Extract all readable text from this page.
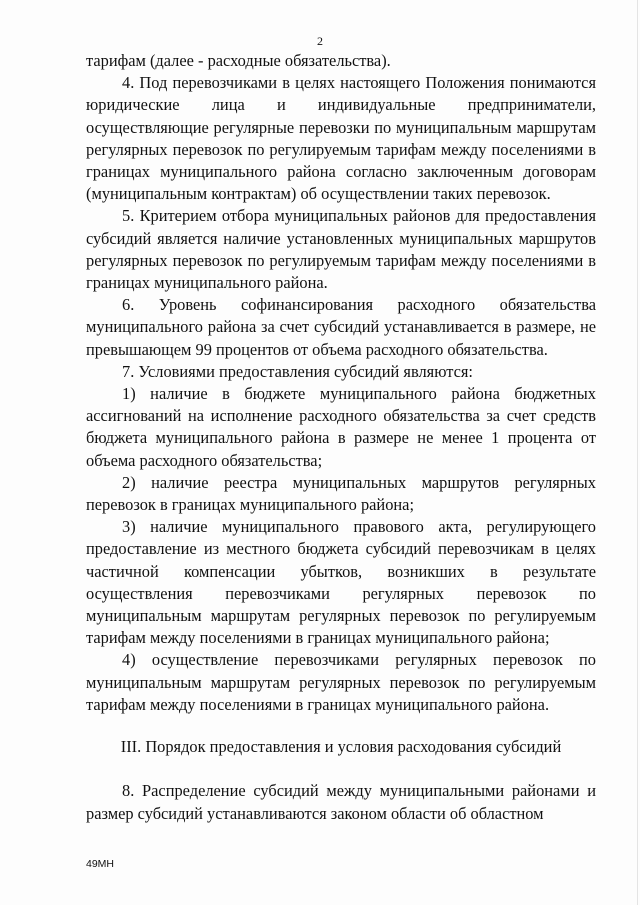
2

тарифам (далее - расходные обязательства).

4. Под перевозчиками в целях настоящего Положения понимаются юридические лица и индивидуальные предприниматели, осуществляющие регулярные перевозки по муниципальным маршрутам регулярных перевозок по регулируемым тарифам между поселениями в границах муниципального района согласно заключенным договорам (муниципальным контрактам) об осуществлении таких перевозок.

5. Критерием отбора муниципальных районов для предоставления субсидий является наличие установленных муниципальных маршрутов регулярных перевозок по регулируемым тарифам между поселениями в границах муниципального района.

6. Уровень софинансирования расходного обязательства муниципального района за счет субсидий устанавливается в размере, не превышающем 99 процентов от объема расходного обязательства.

7. Условиями предоставления субсидий являются:

1) наличие в бюджете муниципального района бюджетных ассигнований на исполнение расходного обязательства за счет средств бюджета муниципального района в размере не менее 1 процента от объема расходного обязательства;

2) наличие реестра муниципальных маршрутов регулярных перевозок в границах муниципального района;

3) наличие муниципального правового акта, регулирующего предоставление из местного бюджета субсидий перевозчикам в целях частичной компенсации убытков, возникших в результате осуществления перевозчиками регулярных перевозок по муниципальным маршрутам регулярных перевозок по регулируемым тарифам между поселениями в границах муниципального района;

4) осуществление перевозчиками регулярных перевозок по муниципальным маршрутам регулярных перевозок по регулируемым тарифам между поселениями в границах муниципального района.

III. Порядок предоставления и условия расходования субсидий

8. Распределение субсидий между муниципальными районами и размер субсидий устанавливаются законом области об областном

49МН
